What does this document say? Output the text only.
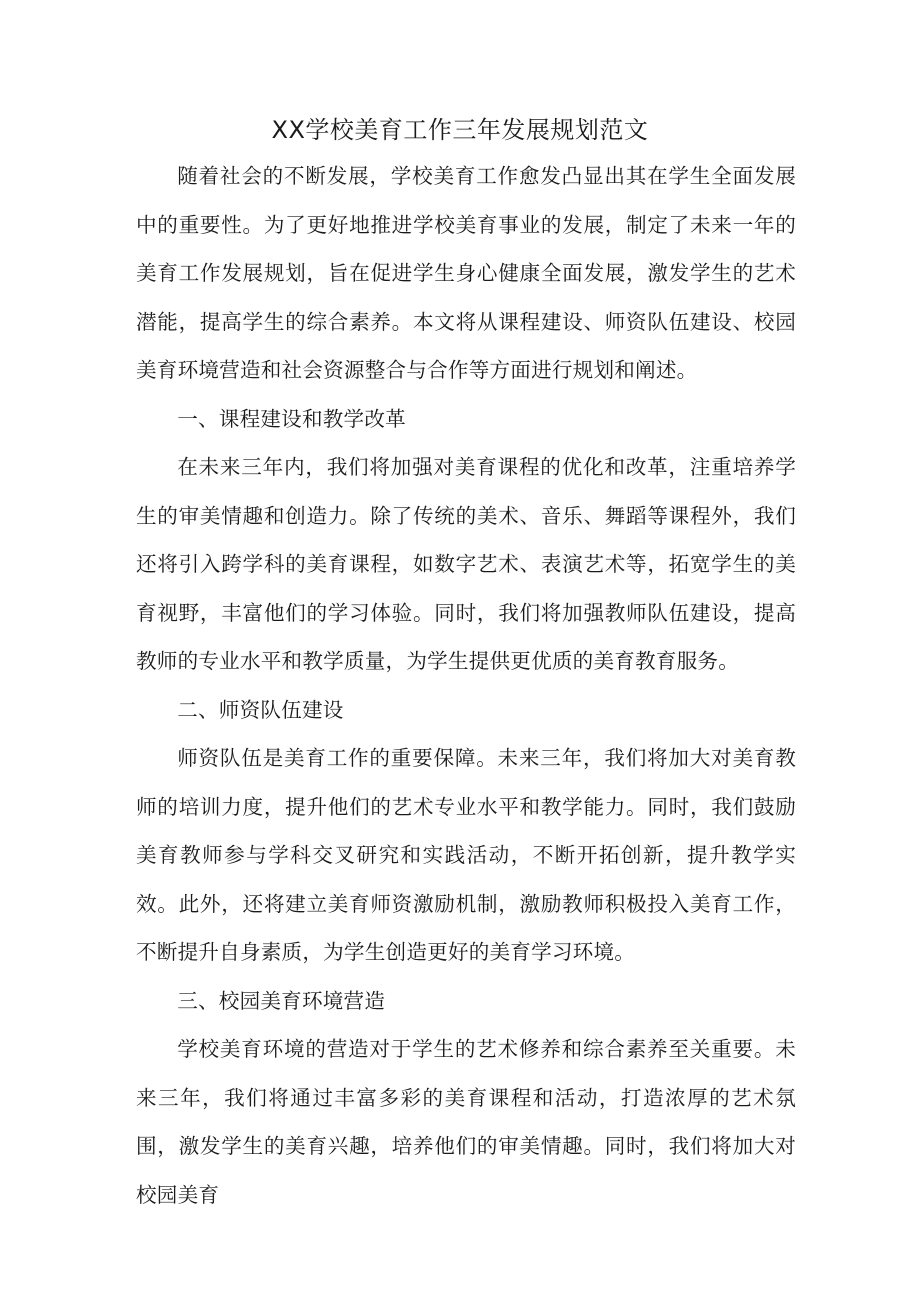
XX学校美育工作三年发展规划范文

随着社会的不断发展，学校美育工作愈发凸显出其在学生全面发展中的重要性。为了更好地推进学校美育事业的发展，制定了未来一年的美育工作发展规划，旨在促进学生身心健康全面发展，激发学生的艺术潜能，提高学生的综合素养。本文将从课程建设、师资队伍建设、校园美育环境营造和社会资源整合与合作等方面进行规划和阐述。

一、课程建设和教学改革

在未来三年内，我们将加强对美育课程的优化和改革，注重培养学生的审美情趣和创造力。除了传统的美术、音乐、舞蹈等课程外，我们还将引入跨学科的美育课程，如数字艺术、表演艺术等，拓宽学生的美育视野，丰富他们的学习体验。同时，我们将加强教师队伍建设，提高教师的专业水平和教学质量，为学生提供更优质的美育教育服务。

二、师资队伍建设

师资队伍是美育工作的重要保障。未来三年，我们将加大对美育教师的培训力度，提升他们的艺术专业水平和教学能力。同时，我们鼓励美育教师参与学科交叉研究和实践活动，不断开拓创新，提升教学实效。此外，还将建立美育师资激励机制，激励教师积极投入美育工作，不断提升自身素质，为学生创造更好的美育学习环境。

三、校园美育环境营造

学校美育环境的营造对于学生的艺术修养和综合素养至关重要。未来三年，我们将通过丰富多彩的美育课程和活动，打造浓厚的艺术氛围，激发学生的美育兴趣，培养他们的审美情趣。同时，我们将加大对校园美育
